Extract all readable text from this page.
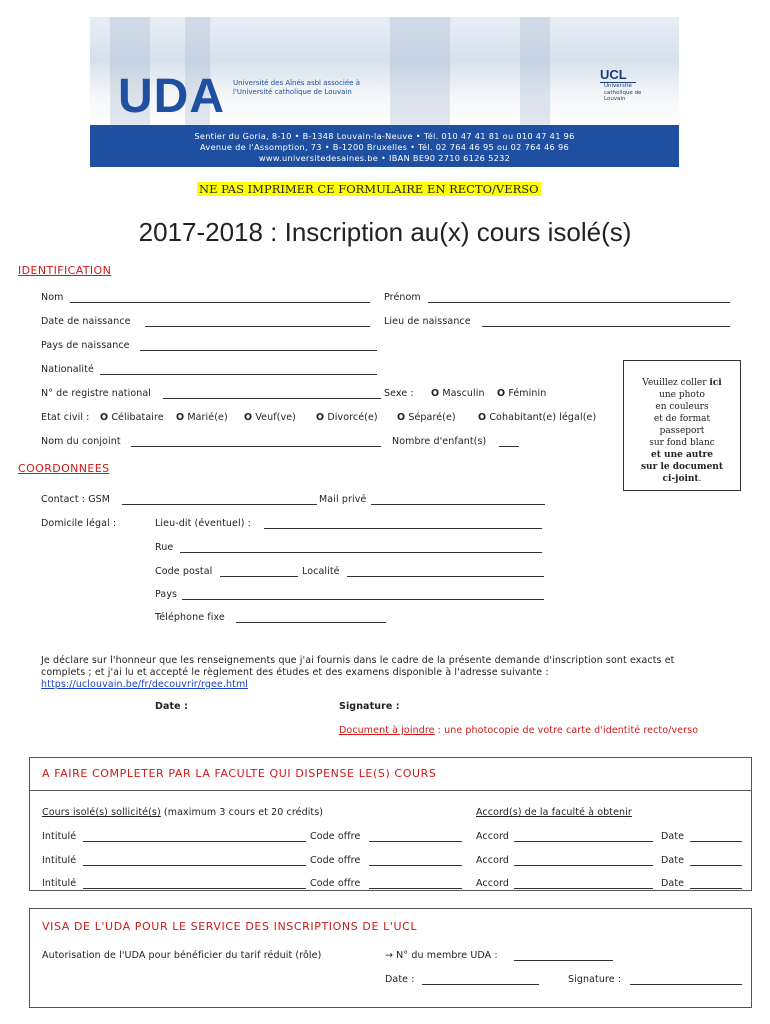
UDA Université des Aînés asbl associée à l'Université catholique de Louvain
UCL
Université catholique de Louvain
Sentier du Goria, 8-10 • B-1348 Louvain-la-Neuve • Tél. 010 47 41 81 ou 010 47 41 96
Avenue de l'Assomption, 73 • B-1200 Bruxelles • Tél. 02 764 46 95 ou 02 764 46 96
www.universitedesaines.be • IBAN BE90 2710 6126 5232
NE PAS IMPRIMER CE FORMULAIRE EN RECTO/VERSO
2017-2018 : Inscription au(x) cours isolé(s)
IDENTIFICATION
Nom	Prénom
Date de naissance	Lieu de naissance
Pays de naissance
Nationalité
N° de registre national	Sexe : O Masculin O Féminin
Etat civil : O Célibataire O Marié(e) O Veuf(ve) O Divorcé(e) O Séparé(e) O Cohabitant(e) légal(e)
Nom du conjoint	Nombre d'enfant(s)
Veuillez coller ici
une photo
en couleurs
et de format
passeport
sur fond blanc
et une autre
sur le document
ci-joint.
COORDONNEES
Contact : GSM	Mail privé
Domicile légal :	Lieu-dit (éventuel) :
Rue
Code postal	Localité
Pays
Téléphone fixe
Je déclare sur l'honneur que les renseignements que j'ai fournis dans le cadre de la présente demande d'inscription sont exacts et
complets ; et j'ai lu et accepté le règlement des études et des examens disponible à l'adresse suivante :
https://uclouvain.be/fr/decouvrir/rgee.html
Date :	Signature :
Document à joindre : une photocopie de votre carte d'identité recto/verso
A FAIRE COMPLETER PAR LA FACULTE QUI DISPENSE LE(S) COURS
Cours isolé(s) sollicité(s) (maximum 3 cours et 20 crédits)	Accord(s) de la faculté à obtenir
Intitulé	Code offre	Accord	Date
Intitulé	Code offre	Accord	Date
Intitulé	Code offre	Accord	Date
VISA DE L'UDA POUR LE SERVICE DES INSCRIPTIONS DE L'UCL
Autorisation de l'UDA pour bénéficier du tarif réduit (rôle)	→ N° du membre UDA :
Date :	Signature :
